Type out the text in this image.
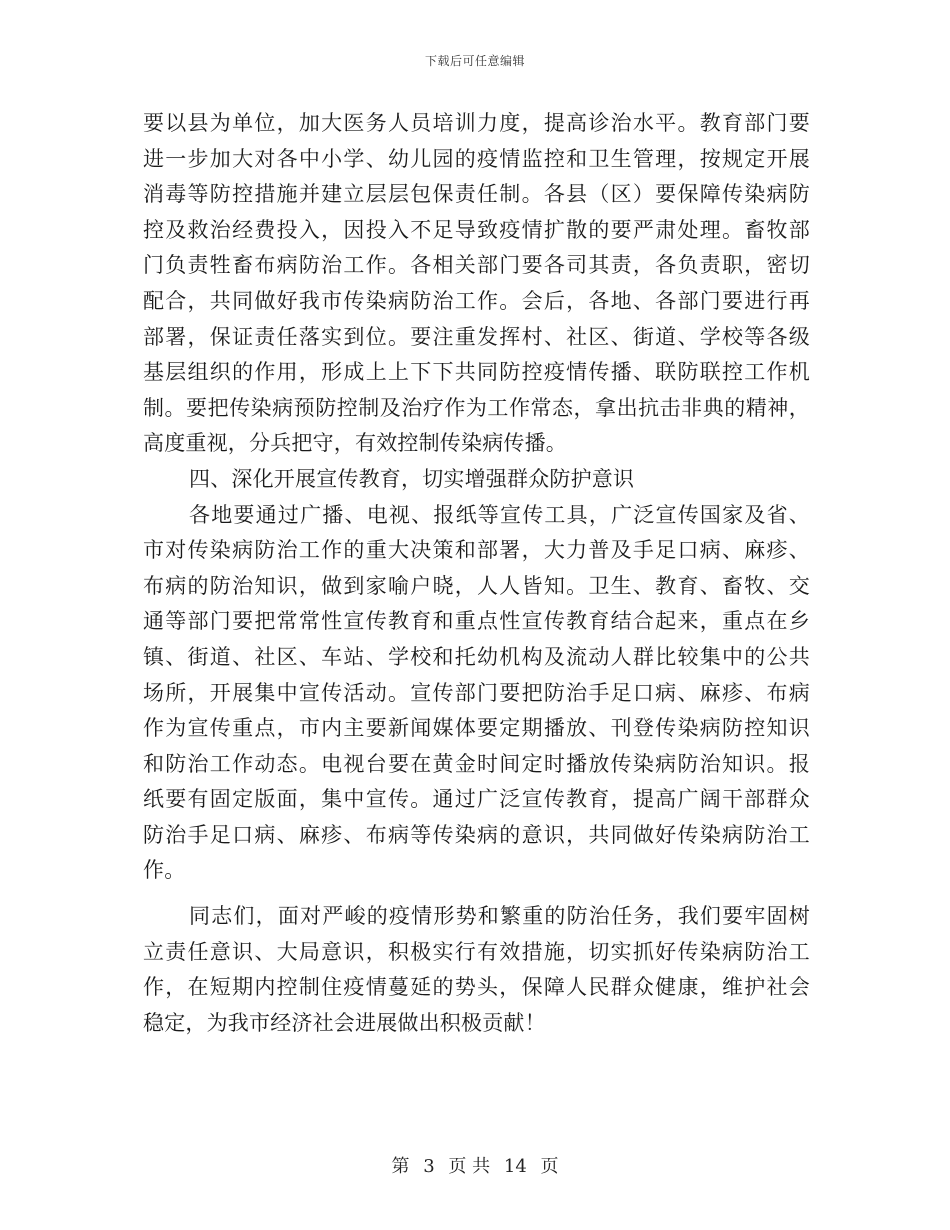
下载后可任意编辑
要以县为单位，加大医务人员培训力度，提高诊治水平。教育部门要
进一步加大对各中小学、幼儿园的疫情监控和卫生管理，按规定开展
消毒等防控措施并建立层层包保责任制。各县（区）要保障传染病防
控及救治经费投入，因投入不足导致疫情扩散的要严肃处理。畜牧部
门负责牲畜布病防治工作。各相关部门要各司其责，各负责职，密切
配合，共同做好我市传染病防治工作。会后，各地、各部门要进行再
部署，保证责任落实到位。要注重发挥村、社区、街道、学校等各级
基层组织的作用，形成上上下下共同防控疫情传播、联防联控工作机
制。要把传染病预防控制及治疗作为工作常态，拿出抗击非典的精神，
高度重视，分兵把守，有效控制传染病传播。
四、深化开展宣传教育，切实增强群众防护意识
各地要通过广播、电视、报纸等宣传工具，广泛宣传国家及省、
市对传染病防治工作的重大决策和部署，大力普及手足口病、麻疹、
布病的防治知识，做到家喻户晓，人人皆知。卫生、教育、畜牧、交
通等部门要把常常性宣传教育和重点性宣传教育结合起来，重点在乡
镇、街道、社区、车站、学校和托幼机构及流动人群比较集中的公共
场所，开展集中宣传活动。宣传部门要把防治手足口病、麻疹、布病
作为宣传重点，市内主要新闻媒体要定期播放、刊登传染病防控知识
和防治工作动态。电视台要在黄金时间定时播放传染病防治知识。报
纸要有固定版面，集中宣传。通过广泛宣传教育，提高广阔干部群众
防治手足口病、麻疹、布病等传染病的意识，共同做好传染病防治工
作。
同志们，面对严峻的疫情形势和繁重的防治任务，我们要牢固树
立责任意识、大局意识，积极实行有效措施，切实抓好传染病防治工
作，在短期内控制住疫情蔓延的势头，保障人民群众健康，维护社会
稳定，为我市经济社会进展做出积极贡献！
第 3 页 共 14 页
